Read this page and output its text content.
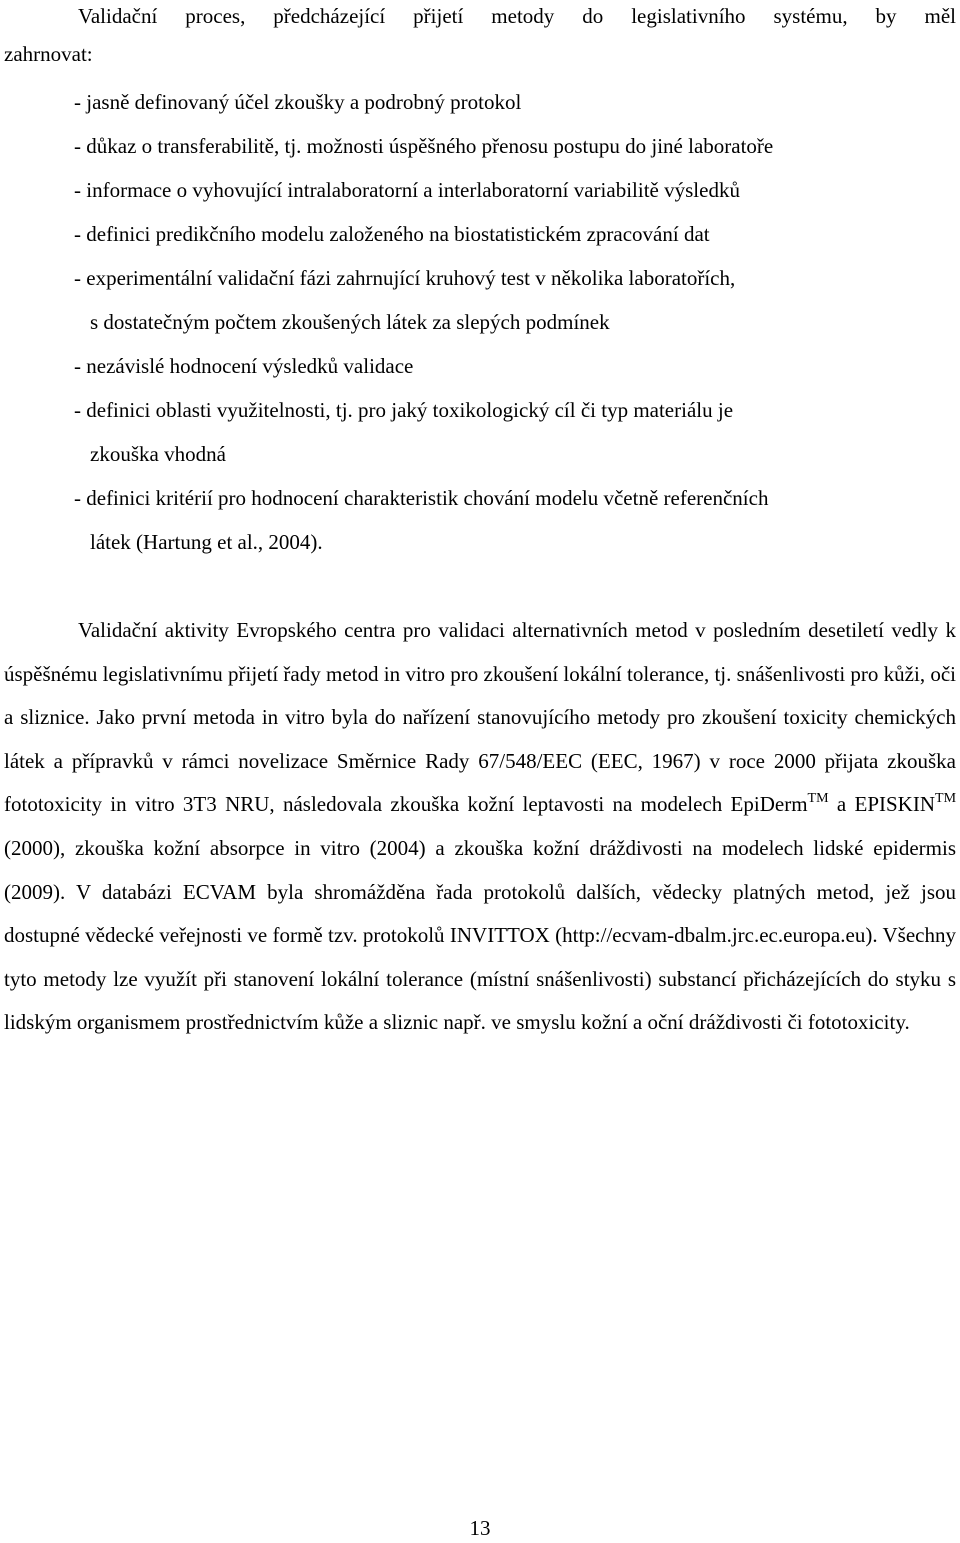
Validační proces, předcházející přijetí metody do legislativního systému, by měl
zahrnovat:
- jasně definovaný účel zkoušky a podrobný protokol
- důkaz o transferabilitě, tj. možnosti úspěšného přenosu postupu do jiné laboratoře
- informace o vyhovující intralaboratorní a interlaboratorní variabilitě výsledků
- definici predikčního modelu založeného na biostatistickém zpracování dat
- experimentální validační fázi zahrnující kruhový test v několika laboratořích,
s dostatečným počtem zkoušených látek za slepých podmínek
- nezávislé hodnocení výsledků validace
- definici oblasti využitelnosti, tj. pro jaký toxikologický cíl či typ materiálu je
zkouška vhodná
- definici kritérií pro hodnocení charakteristik chování modelu včetně referenčních
látek (Hartung et al., 2004).

Validační aktivity Evropského centra pro validaci alternativních metod v posledním desetiletí vedly k úspěšnému legislativnímu přijetí řady metod in vitro pro zkoušení lokální tolerance, tj. snášenlivosti pro kůži, oči a sliznice. Jako první metoda in vitro byla do nařízení stanovujícího metody pro zkoušení toxicity chemických látek a přípravků v rámci novelizace Směrnice Rady 67/548/EEC (EEC, 1967) v roce 2000 přijata zkouška fototoxicity in vitro 3T3 NRU, následovala zkouška kožní leptavosti na modelech EpiDerm™ a EPISKIN™ (2000), zkouška kožní absorpce in vitro (2004) a zkouška kožní dráždivosti na modelech lidské epidermis (2009). V databázi ECVAM byla shromážděna řada protokolů dalších, vědecky platných metod, jež jsou dostupné vědecké veřejnosti ve formě tzv. protokolů INVITTOX (http://ecvam-dbalm.jrc.ec.europa.eu). Všechny tyto metody lze využít při stanovení lokální tolerance (místní snášenlivosti) substancí přicházejících do styku s lidským organismem prostřednictvím kůže a sliznic např. ve smyslu kožní a oční dráždivosti či fototoxicity.

13
